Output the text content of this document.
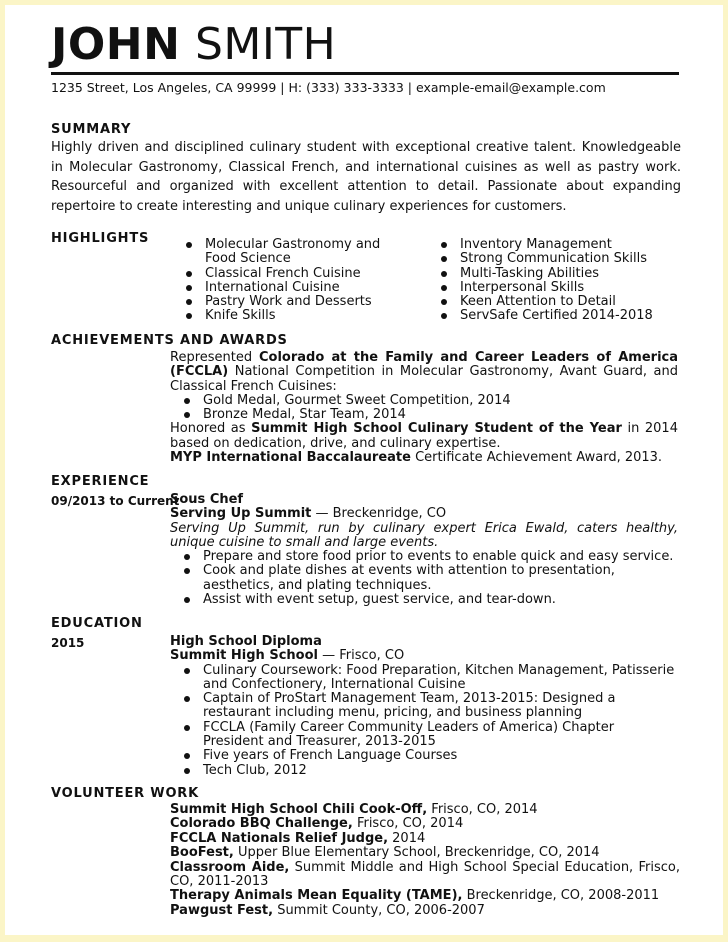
JOHN SMITH
1235 Street, Los Angeles, CA 99999 | H: (333) 333-3333 | example-email@example.com
SUMMARY
Highly driven and disciplined culinary student with exceptional creative talent. Knowledgeable in Molecular Gastronomy, Classical French, and international cuisines as well as pastry work. Resourceful and organized with excellent attention to detail. Passionate about expanding repertoire to create interesting and unique culinary experiences for customers.
HIGHLIGHTS	Molecular Gastronomy and Food Science
Classical French Cuisine
International Cuisine
Pastry Work and Desserts
Knife Skills
Inventory Management
Strong Communication Skills
Multi-Tasking Abilities
Interpersonal Skills
Keen Attention to Detail
ServSafe Certified 2014-2018
ACHIEVEMENTS AND AWARDS
Represented Colorado at the Family and Career Leaders of America (FCCLA) National Competition in Molecular Gastronomy, Avant Guard, and Classical French Cuisines:
Gold Medal, Gourmet Sweet Competition, 2014
Bronze Medal, Star Team, 2014
Honored as Summit High School Culinary Student of the Year in 2014 based on dedication, drive, and culinary expertise.
MYP International Baccalaureate Certificate Achievement Award, 2013.
EXPERIENCE
09/2013 to Current
Sous Chef
Serving Up Summit — Breckenridge, CO
Serving Up Summit, run by culinary expert Erica Ewald, caters healthy, unique cuisine to small and large events.
Prepare and store food prior to events to enable quick and easy service.
Cook and plate dishes at events with attention to presentation, aesthetics, and plating techniques.
Assist with event setup, guest service, and tear-down.
EDUCATION
2015	High School Diploma
Summit High School — Frisco, CO
Culinary Coursework: Food Preparation, Kitchen Management, Patisserie and Confectionery, International Cuisine
Captain of ProStart Management Team, 2013-2015: Designed a restaurant including menu, pricing, and business planning
FCCLA (Family Career Community Leaders of America) Chapter President and Treasurer, 2013-2015
Five years of French Language Courses
Tech Club, 2012
VOLUNTEER WORK
Summit High School Chili Cook-Off, Frisco, CO, 2014
Colorado BBQ Challenge, Frisco, CO, 2014
FCCLA Nationals Relief Judge, 2014
BooFest, Upper Blue Elementary School, Breckenridge, CO, 2014
Classroom Aide, Summit Middle and High School Special Education, Frisco, CO, 2011-2013
Therapy Animals Mean Equality (TAME), Breckenridge, CO, 2008-2011
Pawgust Fest, Summit County, CO, 2006-2007
